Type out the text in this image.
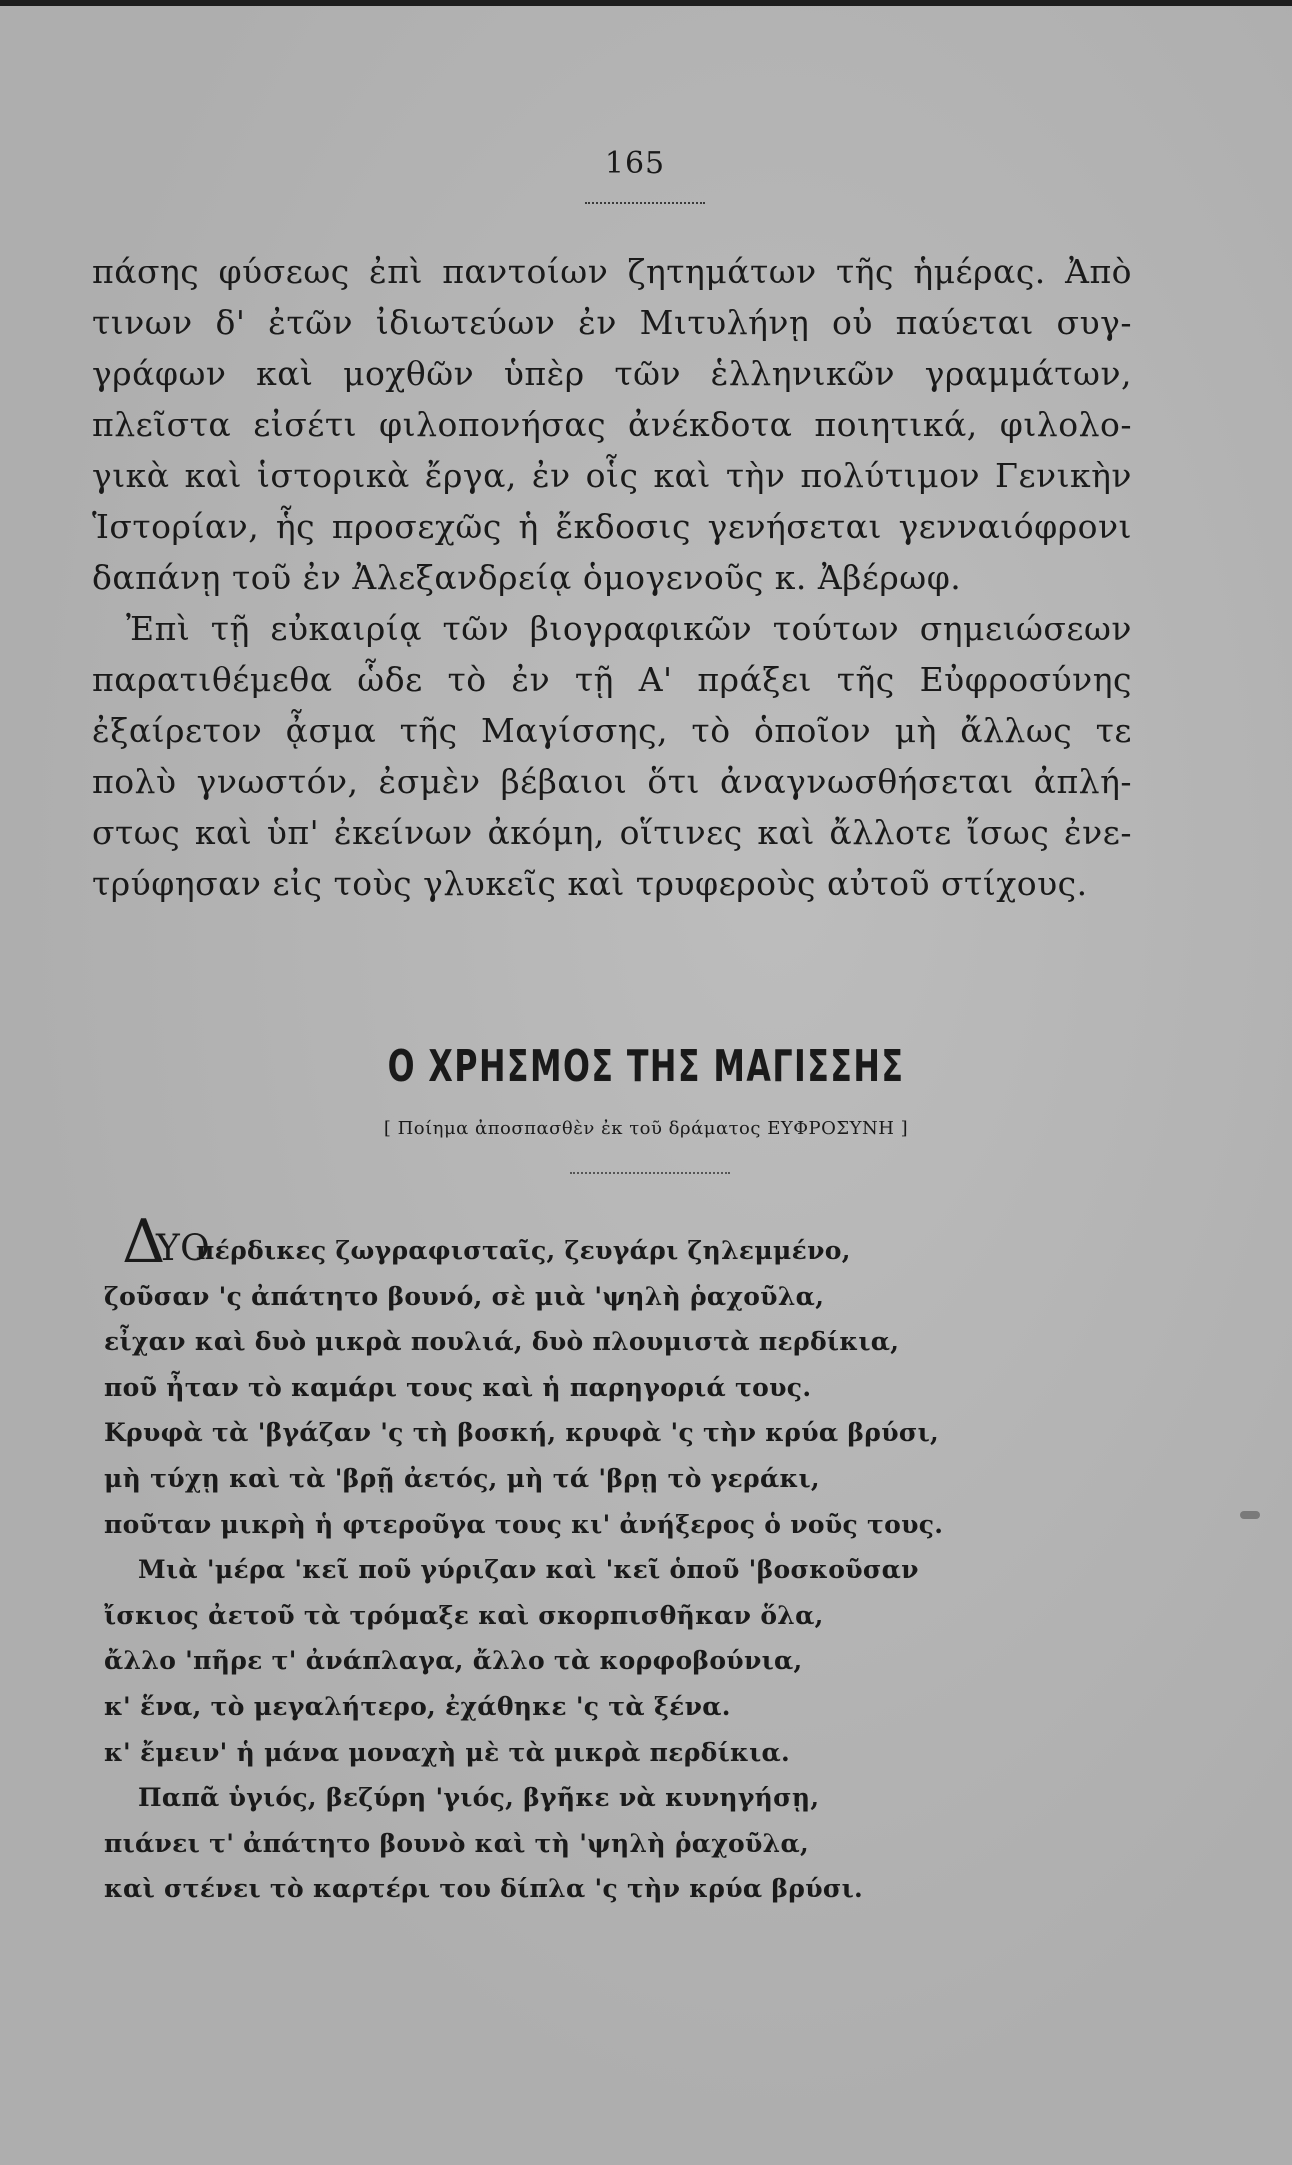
165
πάσης φύσεως ἐπὶ παντοίων ζητημάτων τῆς ἡμέρας. Ἀπὸ
τινων δ' ἐτῶν ἰδιωτεύων ἐν Μιτυλήνῃ οὐ παύεται συγ-
γράφων καὶ μοχθῶν ὑπὲρ τῶν ἑλληνικῶν γραμμάτων,
πλεῖστα εἰσέτι φιλοπονήσας ἀνέκδοτα ποιητικά, φιλολο-
γικὰ καὶ ἱστορικὰ ἔργα, ἐν οἷς καὶ τὴν πολύτιμον Γενικὴν
Ἱστορίαν, ἧς προσεχῶς ἡ ἔκδοσις γενήσεται γενναιόφρονι
δαπάνῃ τοῦ ἐν Ἀλεξανδρείᾳ ὁμογενοῦς κ. Ἀβέρωφ.
Ἐπὶ τῇ εὐκαιρίᾳ τῶν βιογραφικῶν τούτων σημειώσεων
παρατιθέμεθα ὧδε τὸ ἐν τῇ Α' πράξει τῆς Εὐφροσύνης
ἐξαίρετον ᾆσμα τῆς Μαγίσσης, τὸ ὁποῖον μὴ ἄλλως τε
πολὺ γνωστόν, ἐσμὲν βέβαιοι ὅτι ἀναγνωσθήσεται ἀπλή-
στως καὶ ὑπ' ἐκείνων ἀκόμη, οἵτινες καὶ ἄλλοτε ἴσως ἐνε-
τρύφησαν εἰς τοὺς γλυκεῖς καὶ τρυφεροὺς αὐτοῦ στίχους.
Ο ΧΡΗΣΜΟΣ ΤΗΣ ΜΑΓΙΣΣΗΣ
[ Ποίημα ἀποσπασθὲν ἐκ τοῦ δράματος ΕΥΦΡΟΣΥΝΗ ]
Δ
ΥΟ
πέρδικες ζωγραφισταῖς, ζευγάρι ζηλεμμένο,
ζοῦσαν 'ς ἀπάτητο βουνό, σὲ μιὰ 'ψηλὴ ῥαχοῦλα,
εἶχαν καὶ δυὸ μικρὰ πουλιά, δυὸ πλουμιστὰ περδίκια,
ποῦ ἦταν τὸ καμάρι τους καὶ ἡ παρηγοριά τους.
Κρυφὰ τὰ 'βγάζαν 'ς τὴ βοσκή, κρυφὰ 'ς τὴν κρύα βρύσι,
μὴ τύχῃ καὶ τὰ 'βρῇ ἀετός, μὴ τά 'βρῃ τὸ γεράκι,
ποῦταν μικρὴ ἡ φτεροῦγα τους κι' ἀνήξερος ὁ νοῦς τους.
Μιὰ 'μέρα 'κεῖ ποῦ γύριζαν καὶ 'κεῖ ὁποῦ 'βοσκοῦσαν
ἴσκιος ἀετοῦ τὰ τρόμαξε καὶ σκορπισθῆκαν ὅλα,
ἄλλο 'πῆρε τ' ἀνάπλαγα, ἄλλο τὰ κορφοβούνια,
κ' ἕνα, τὸ μεγαλήτερο, ἐχάθηκε 'ς τὰ ξένα.
κ' ἔμειν' ἡ μάνα μοναχὴ μὲ τὰ μικρὰ περδίκια.
Παπᾶ ὑγιός, βεζύρη 'γιός, βγῆκε νὰ κυνηγήσῃ,
πιάνει τ' ἀπάτητο βουνὸ καὶ τὴ 'ψηλὴ ῥαχοῦλα,
καὶ στένει τὸ καρτέρι του δίπλα 'ς τὴν κρύα βρύσι.
